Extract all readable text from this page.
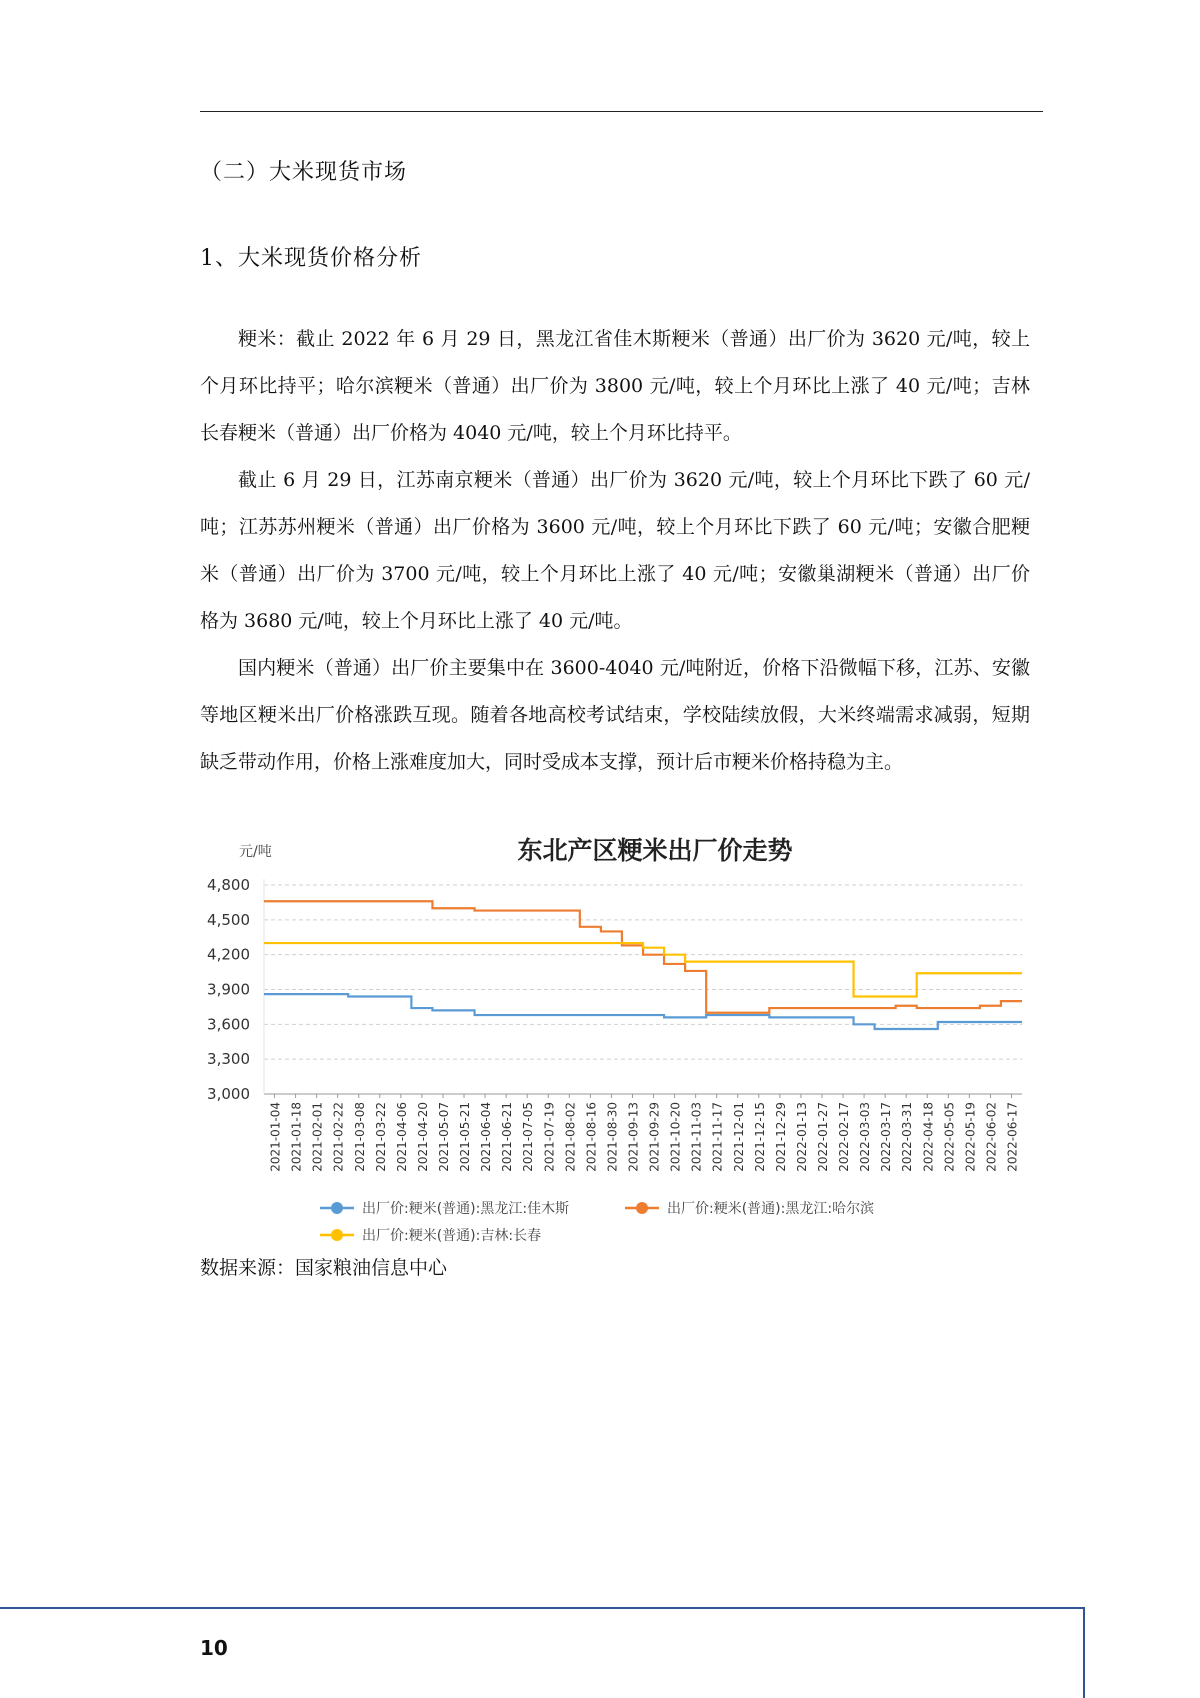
（二）大米现货市场
1、大米现货价格分析

粳米：截止 2022 年 6 月 29 日，黑龙江省佳木斯粳米（普通）出厂价为 3620 元/吨，较上个月环比持平；哈尔滨粳米（普通）出厂价为 3800 元/吨，较上个月环比上涨了 40 元/吨；吉林长春粳米（普通）出厂价格为 4040 元/吨，较上个月环比持平。

截止 6 月 29 日，江苏南京粳米（普通）出厂价为 3620 元/吨，较上个月环比下跌了 60 元/吨；江苏苏州粳米（普通）出厂价格为 3600 元/吨，较上个月环比下跌了 60 元/吨；安徽合肥粳米（普通）出厂价为 3700 元/吨，较上个月环比上涨了 40 元/吨；安徽巢湖粳米（普通）出厂价格为 3680 元/吨，较上个月环比上涨了 40 元/吨。

国内粳米（普通）出厂价主要集中在 3600-4040 元/吨附近，价格下沿微幅下移，江苏、安徽等地区粳米出厂价格涨跌互现。随着各地高校考试结束，学校陆续放假，大米终端需求减弱，短期缺乏带动作用，价格上涨难度加大，同时受成本支撑，预计后市粳米价格持稳为主。

东北产区粳米出厂价走势
元/吨
3,000
3,300
3,600
3,900
4,200
4,500
4,800
2021-01-04 2021-01-18 2021-02-01 2021-02-22 2021-03-08 2021-03-22 2021-04-06 2021-04-20 2021-05-07 2021-05-21 2021-06-04 2021-06-21 2021-07-05 2021-07-19 2021-08-02 2021-08-16 2021-08-30 2021-09-13 2021-09-29 2021-10-20 2021-11-03 2021-11-17 2021-12-01 2021-12-15 2021-12-29 2022-01-13 2022-01-27 2022-02-17 2022-03-03 2022-03-17 2022-03-31 2022-04-18 2022-05-05 2022-05-19 2022-06-02 2022-06-17
出厂价:粳米(普通):黑龙江:佳木斯	出厂价:粳米(普通):黑龙江:哈尔滨
出厂价:粳米(普通):吉林:长春
数据来源：国家粮油信息中心
10
